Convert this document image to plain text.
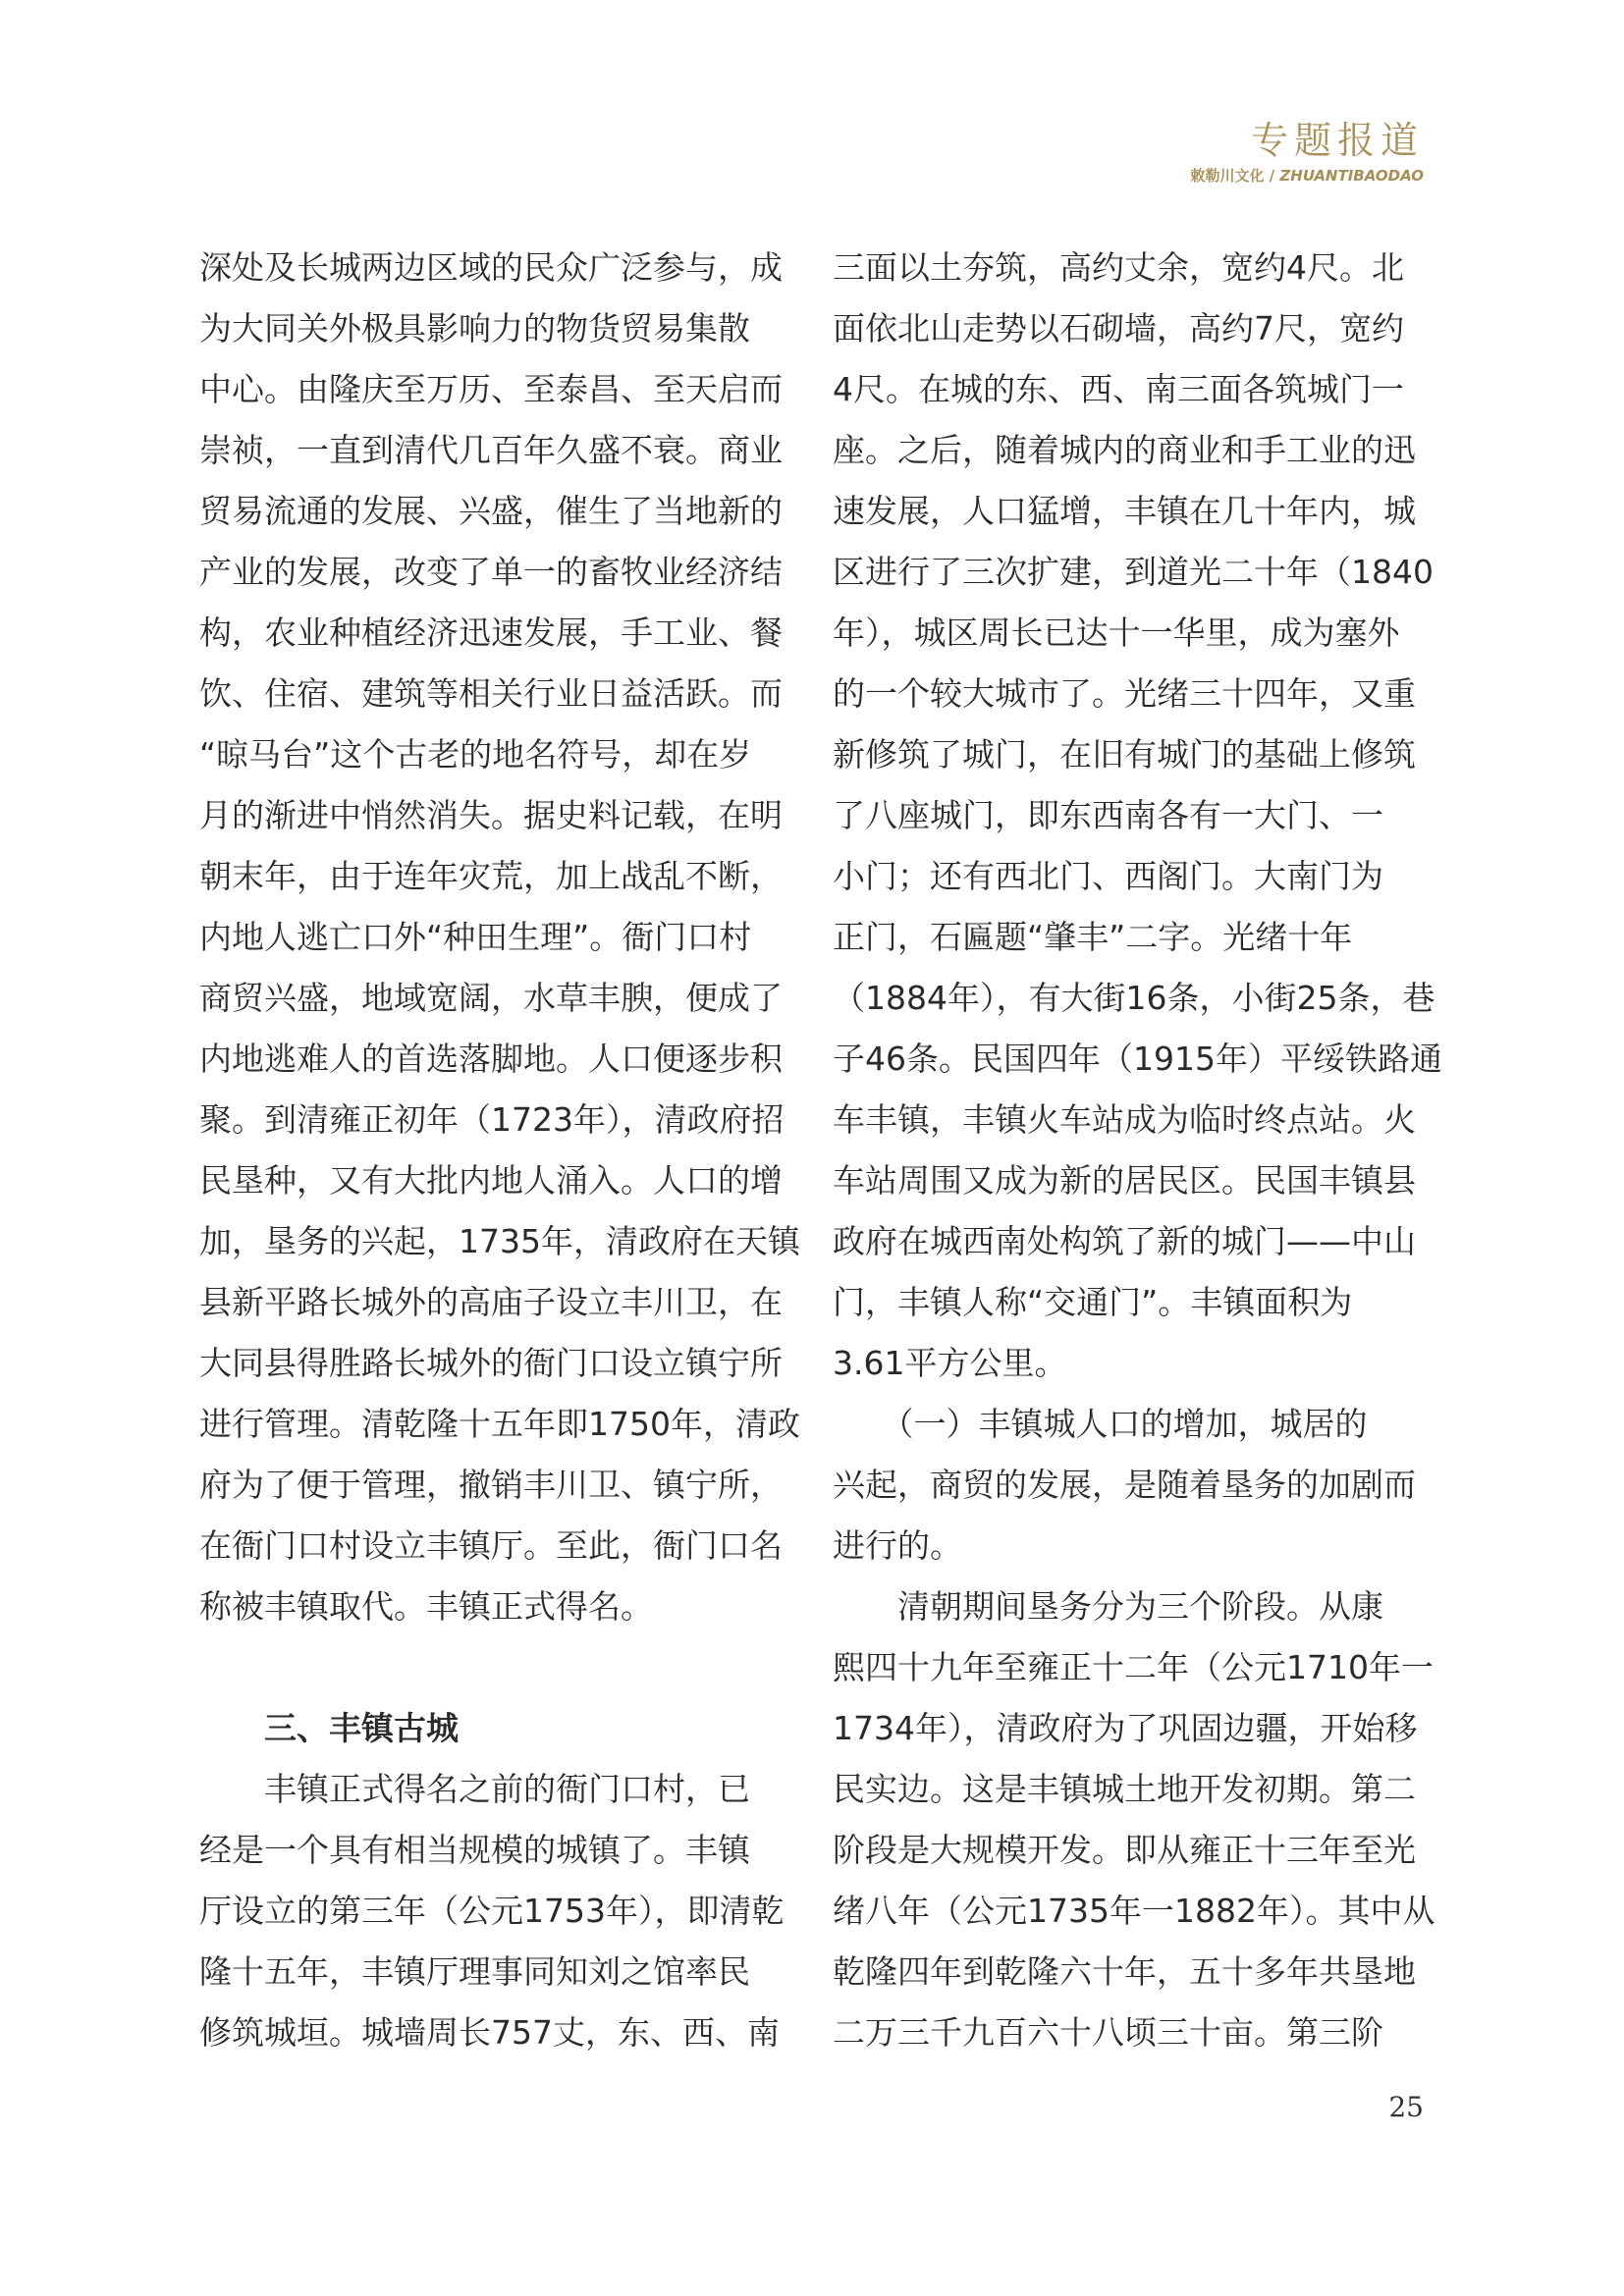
专题报道
敕勒川文化 / ZHUANTIBAODAO
深处及长城两边区域的民众广泛参与，成
为大同关外极具影响力的物货贸易集散
中心。由隆庆至万历、至泰昌、至天启而
崇祯，一直到清代几百年久盛不衰。商业
贸易流通的发展、兴盛，催生了当地新的
产业的发展，改变了单一的畜牧业经济结
构，农业种植经济迅速发展，手工业、餐
饮、住宿、建筑等相关行业日益活跃。而
“晾马台”这个古老的地名符号，却在岁
月的渐进中悄然消失。据史料记载，在明
朝末年，由于连年灾荒，加上战乱不断，
内地人逃亡口外“种田生理”。衙门口村
商贸兴盛，地域宽阔，水草丰腴，便成了
内地逃难人的首选落脚地。人口便逐步积
聚。到清雍正初年（1723年），清政府招
民垦种，又有大批内地人涌入。人口的增
加，垦务的兴起，1735年，清政府在天镇
县新平路长城外的高庙子设立丰川卫，在
大同县得胜路长城外的衙门口设立镇宁所
进行管理。清乾隆十五年即1750年，清政
府为了便于管理，撤销丰川卫、镇宁所，
在衙门口村设立丰镇厅。至此，衙门口名
称被丰镇取代。丰镇正式得名。
　　三、丰镇古城
　　丰镇正式得名之前的衙门口村，已
经是一个具有相当规模的城镇了。丰镇
厅设立的第三年（公元1753年），即清乾
隆十五年，丰镇厅理事同知刘之馆率民
修筑城垣。城墙周长757丈，东、西、南
三面以土夯筑，高约丈余，宽约4尺。北
面依北山走势以石砌墙，高约7尺，宽约
4尺。在城的东、西、南三面各筑城门一
座。之后，随着城内的商业和手工业的迅
速发展，人口猛增，丰镇在几十年内，城
区进行了三次扩建，到道光二十年（1840
年），城区周长已达十一华里，成为塞外
的一个较大城市了。光绪三十四年，又重
新修筑了城门，在旧有城门的基础上修筑
了八座城门，即东西南各有一大门、一
小门；还有西北门、西阁门。大南门为
正门，石匾题“肇丰”二字。光绪十年
（1884年），有大街16条，小街25条，巷
子46条。民国四年（1915年）平绥铁路通
车丰镇，丰镇火车站成为临时终点站。火
车站周围又成为新的居民区。民国丰镇县
政府在城西南处构筑了新的城门——中山
门，丰镇人称“交通门”。丰镇面积为
3.61平方公里。
　　（一）丰镇城人口的增加，城居的
兴起，商贸的发展，是随着垦务的加剧而
进行的。
　　清朝期间垦务分为三个阶段。从康
熙四十九年至雍正十二年（公元1710年一
1734年），清政府为了巩固边疆，开始移
民实边。这是丰镇城土地开发初期。第二
阶段是大规模开发。即从雍正十三年至光
绪八年（公元1735年一1882年）。其中从
乾隆四年到乾隆六十年，五十多年共垦地
二万三千九百六十八顷三十亩。第三阶
25
